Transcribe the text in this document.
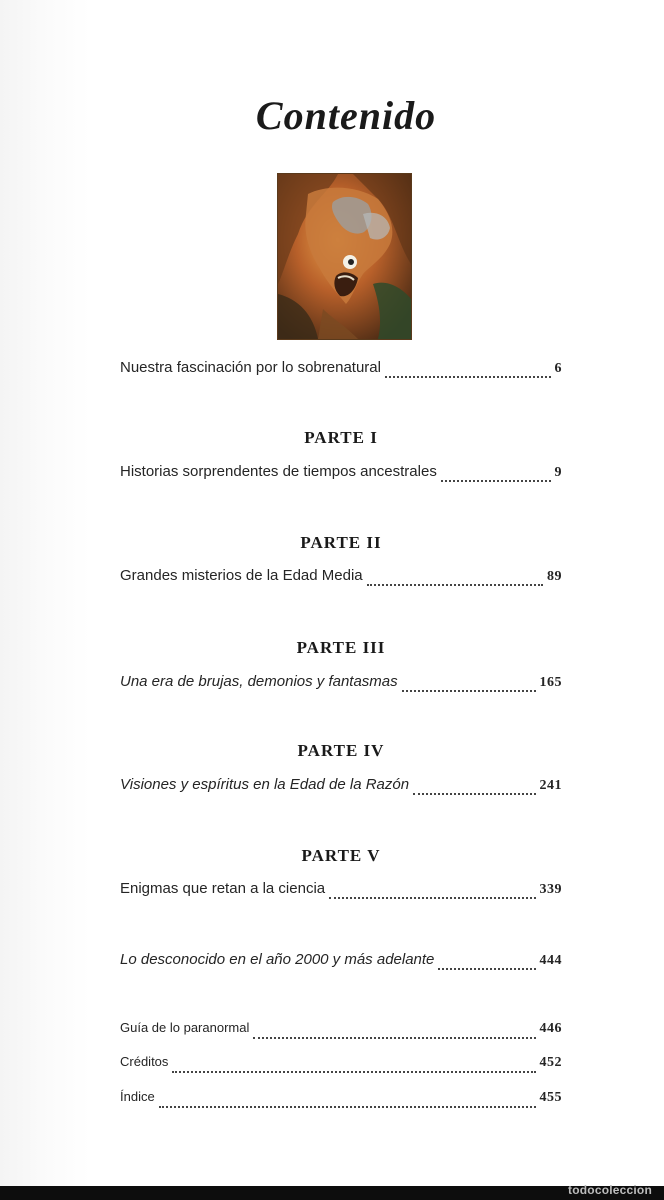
Contenido
Nuestra fascinación por lo sobrenatural	6
PARTE I
Historias sorprendentes de tiempos ancestrales	9
PARTE II
Grandes misterios de la Edad Media	89
PARTE III
Una era de brujas, demonios y fantasmas	165
PARTE IV
Visiones y espíritus en la Edad de la Razón	241
PARTE V
Enigmas que retan a la ciencia	339
Lo desconocido en el año 2000 y más adelante	444
Guía de lo paranormal	446
Créditos	452
Índice	455
todocoleccion
